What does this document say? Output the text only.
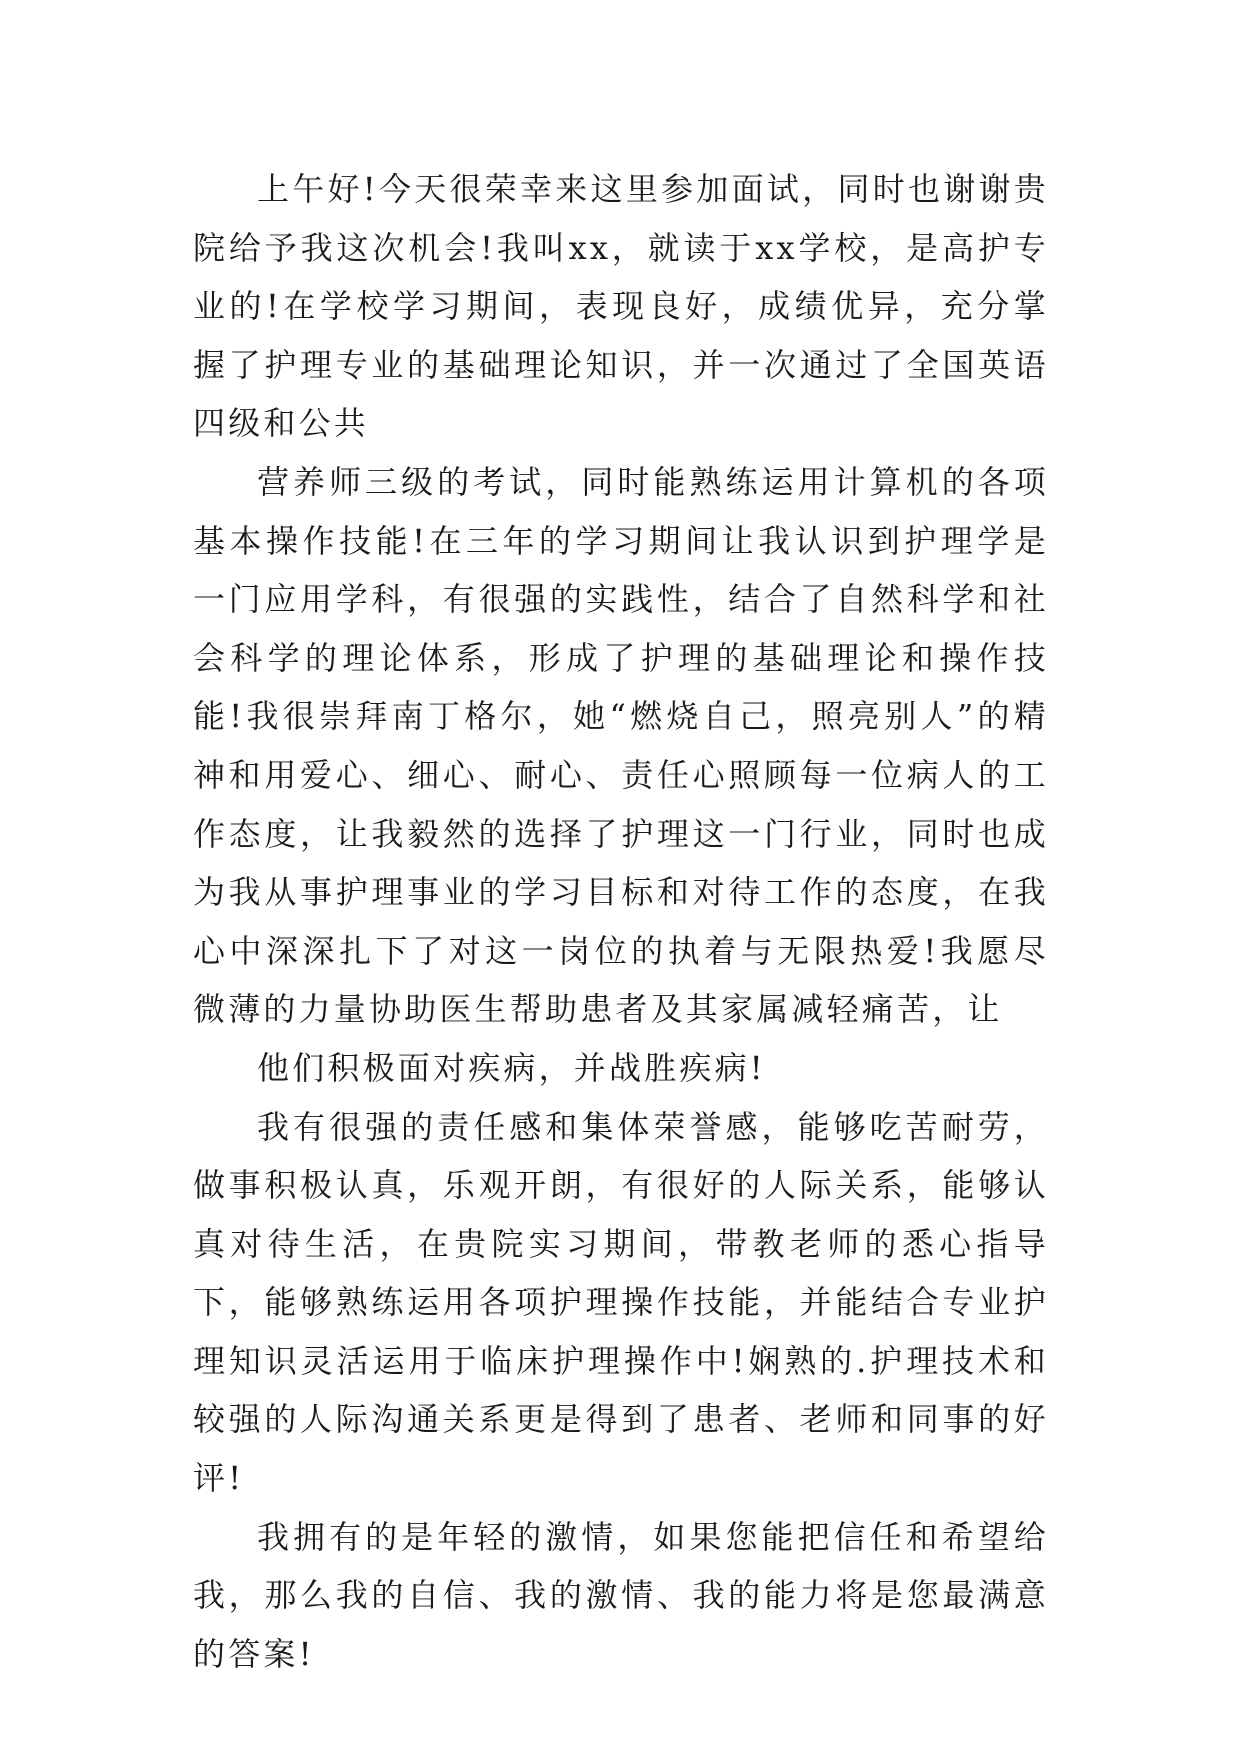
上午好!今天很荣幸来这里参加面试，同时也谢谢贵院给予我这次机会!我叫xx，就读于xx学校，是高护专业的!在学校学习期间，表现良好，成绩优异，充分掌握了护理专业的基础理论知识，并一次通过了全国英语四级和公共

营养师三级的考试，同时能熟练运用计算机的各项基本操作技能!在三年的学习期间让我认识到护理学是一门应用学科，有很强的实践性，结合了自然科学和社会科学的理论体系，形成了护理的基础理论和操作技能!我很崇拜南丁格尔，她“燃烧自己，照亮别人”的精神和用爱心、细心、耐心、责任心照顾每一位病人的工作态度，让我毅然的选择了护理这一门行业，同时也成为我从事护理事业的学习目标和对待工作的态度，在我心中深深扎下了对这一岗位的执着与无限热爱!我愿尽微薄的力量协助医生帮助患者及其家属减轻痛苦，让

他们积极面对疾病，并战胜疾病!

我有很强的责任感和集体荣誉感，能够吃苦耐劳，做事积极认真，乐观开朗，有很好的人际关系，能够认真对待生活，在贵院实习期间，带教老师的悉心指导下，能够熟练运用各项护理操作技能，并能结合专业护理知识灵活运用于临床护理操作中!娴熟的.护理技术和较强的人际沟通关系更是得到了患者、老师和同事的好评!

我拥有的是年轻的激情，如果您能把信任和希望给我，那么我的自信、我的激情、我的能力将是您最满意的答案!
